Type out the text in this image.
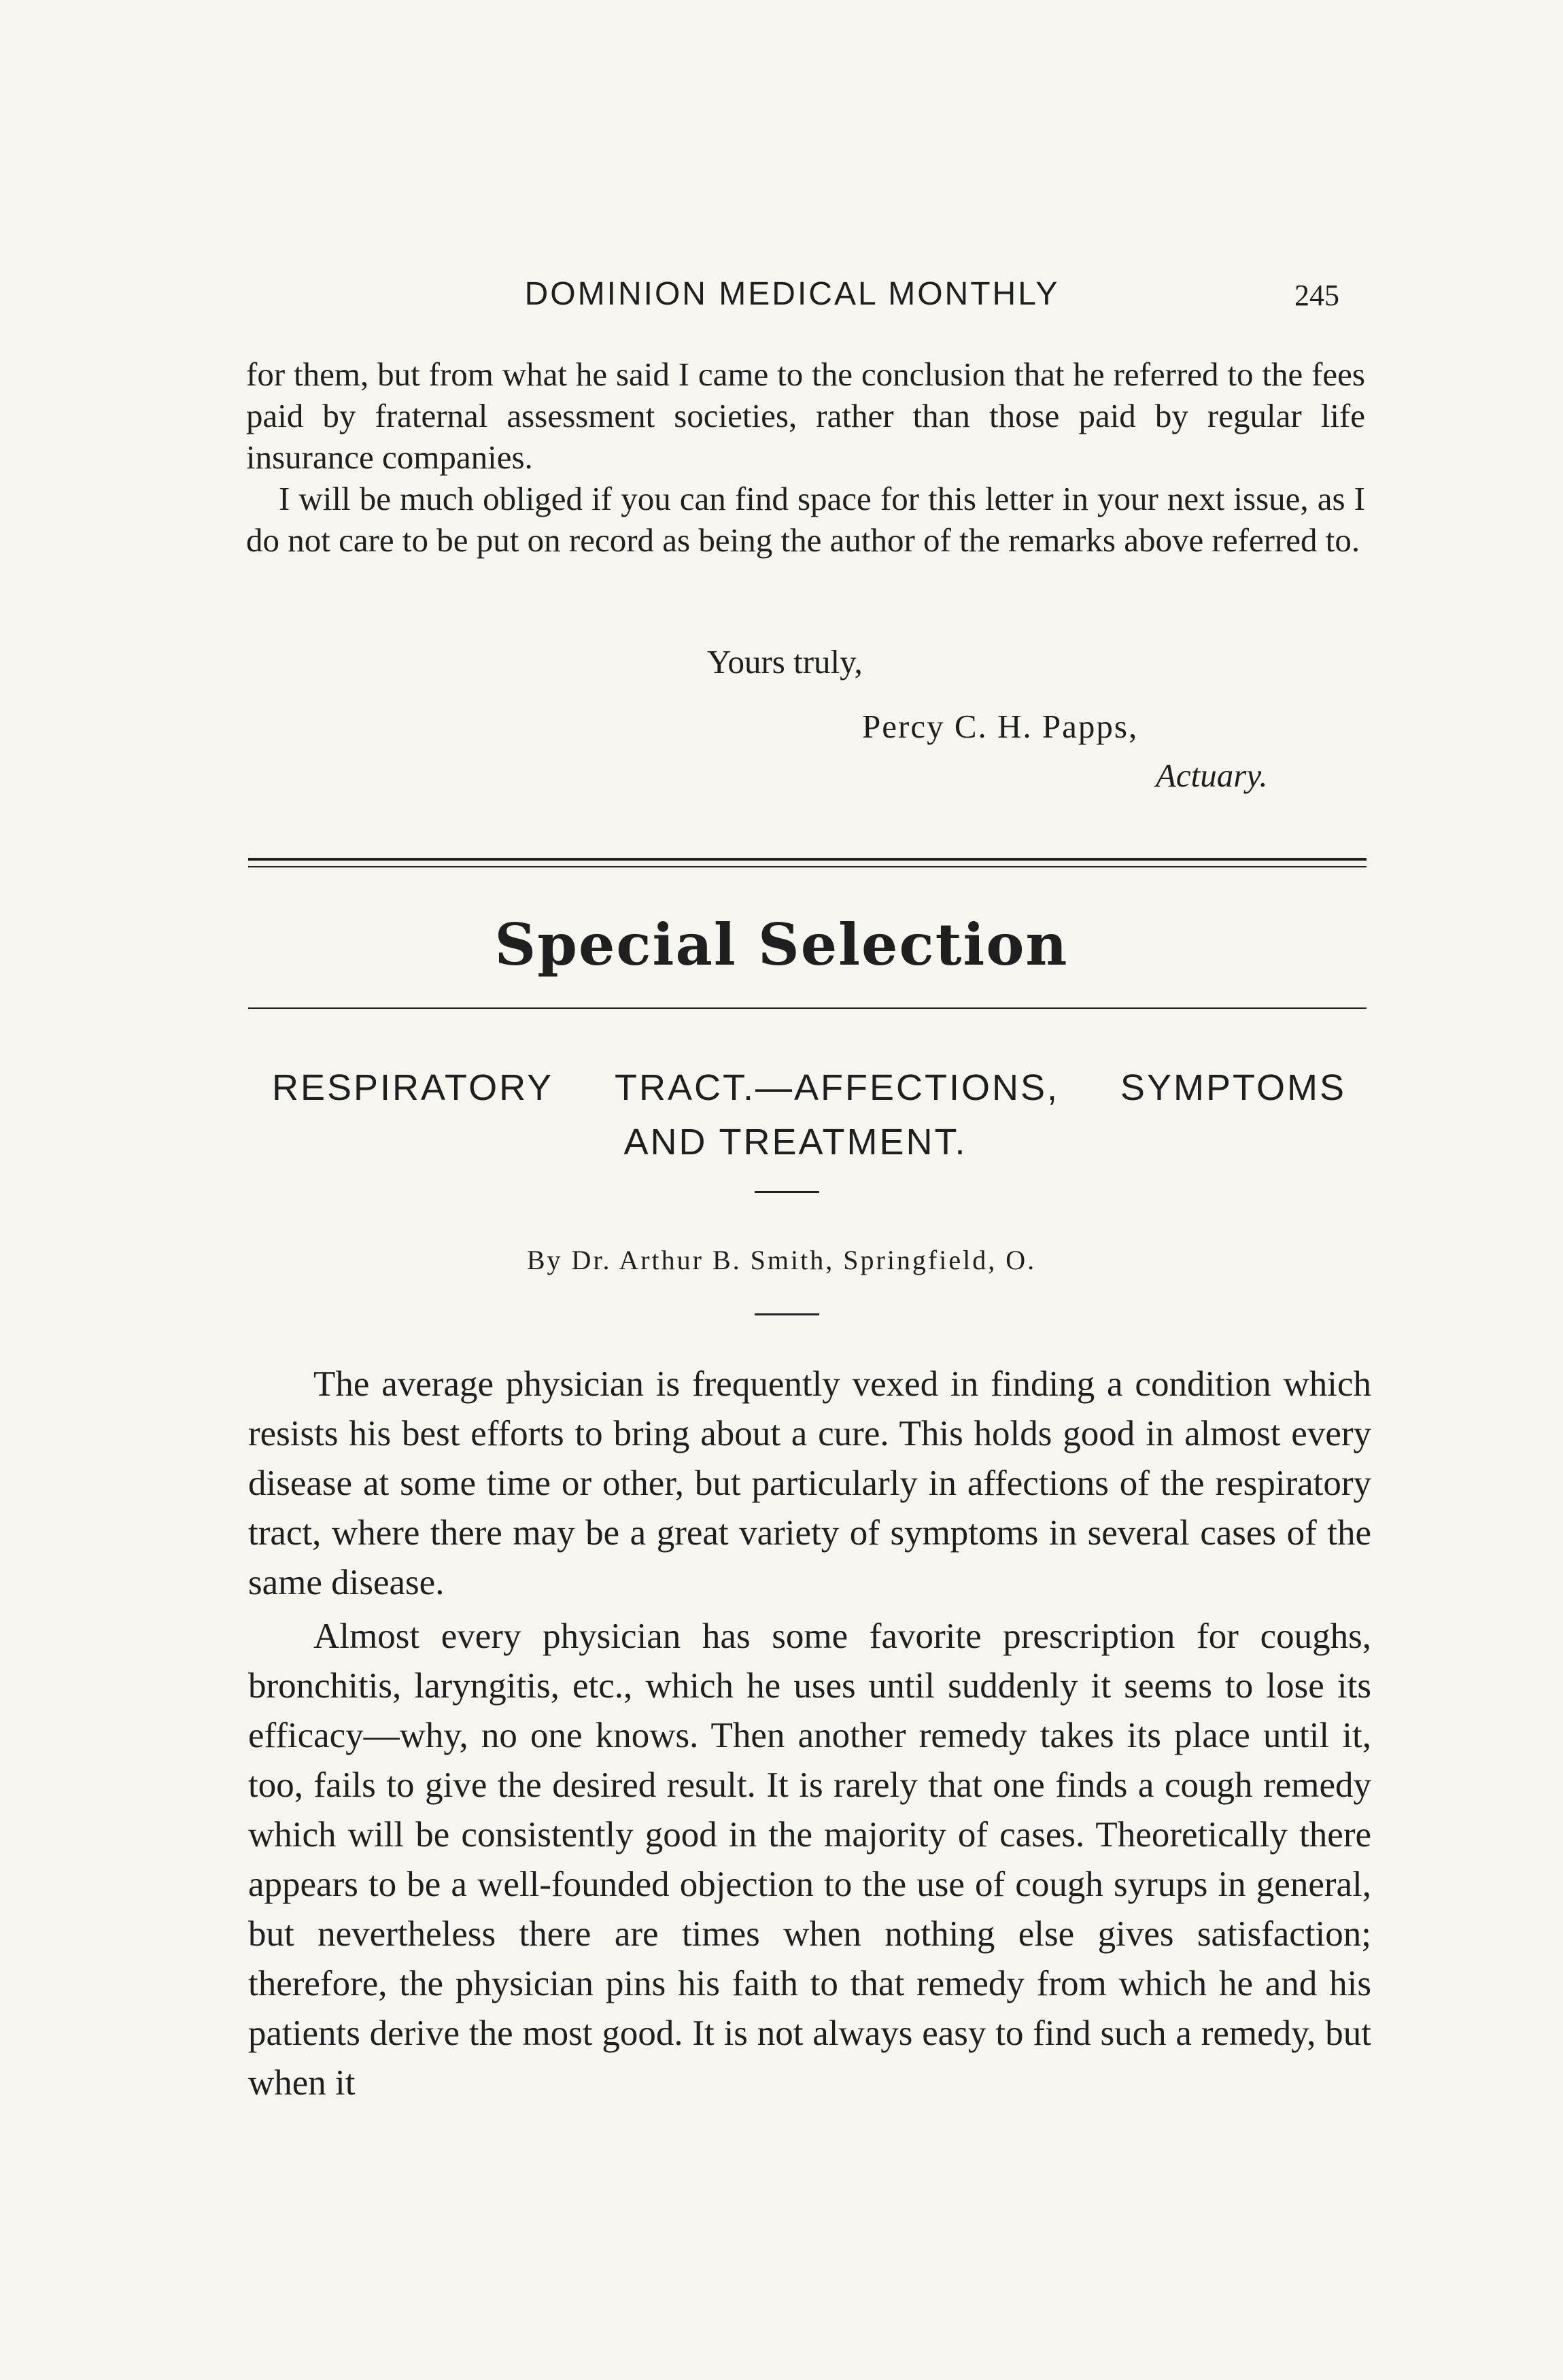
DOMINION MEDICAL MONTHLY	245

for them, but from what he said I came to the conclusion that he referred to the fees paid by fraternal assessment societies, rather than those paid by regular life insurance companies.

I will be much obliged if you can find space for this letter in your next issue, as I do not care to be put on record as being the author of the remarks above referred to.

Yours truly,
Percy C. H. Papps,
Actuary.
Special Selection
RESPIRATORY TRACT.—AFFECTIONS, SYMPTOMS
AND TREATMENT.
By Dr. Arthur B. Smith, Springfield, O.

The average physician is frequently vexed in finding a condition which resists his best efforts to bring about a cure. This holds good in almost every disease at some time or other, but particularly in affections of the respiratory tract, where there may be a great variety of symptoms in several cases of the same disease.

Almost every physician has some favorite prescription for coughs, bronchitis, laryngitis, etc., which he uses until suddenly it seems to lose its efficacy—why, no one knows. Then another remedy takes its place until it, too, fails to give the desired result. It is rarely that one finds a cough remedy which will be consistently good in the majority of cases. Theoretically there appears to be a well-founded objection to the use of cough syrups in general, but nevertheless there are times when nothing else gives satisfaction; therefore, the physician pins his faith to that remedy from which he and his patients derive the most good. It is not always easy to find such a remedy, but when it
